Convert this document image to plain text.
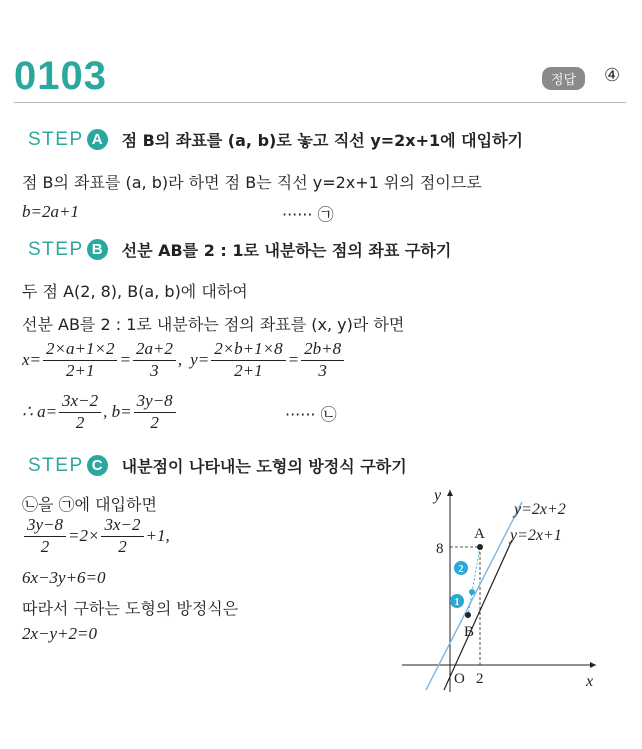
0103	정답	④
STEP A	점 B의 좌표를 (a, b)로 놓고 직선 y=2x+1에 대입하기
점 B의 좌표를 (a, b)라 하면 점 B는 직선 y=2x+1 위의 점이므로
b=2a+1	······ ㉠
STEP B	선분 AB를 2 : 1로 내분하는 점의 좌표 구하기
두 점 A(2, 8), B(a, b)에 대하여
선분 AB를 2 : 1로 내분하는 점의 좌표를 (x, y)라 하면
$x= \frac{2\times a+1\times 2}{2+1} = \frac{2a+2}{3}$ , $y= \frac{2\times b+1\times 8}{2+1} = \frac{2b+8}{3}$
∴ $a= \frac{3x-2}{2}$ , $b= \frac{3y-8}{2}$	······ ㉡
STEP C	내분점이 나타내는 도형의 방정식 구하기
㉡을 ㉠에 대입하면
$\frac{3y-8}{2} =2\times \frac{3x-2}{2} +1$,
6x−3y+6=0
따라서 구하는 도형의 방정식은
2x−y+2=0
2
1
y
x
O 2
8
A
B
y=2x+2
y=2x+1
